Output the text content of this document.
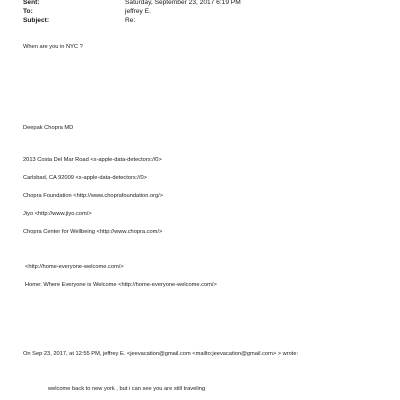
Sent:	Saturday, September 23, 2017 6:19 PM
To:	jeffrey E.
Subject:	Re:
When are you in NYC ?
Deepak Chopra MD
2013 Costa Del Mar Road <x-apple-data-detectors://0>
Carlsbad, CA 92009 <x-apple-data-detectors://0>
Chopra Foundation <http://www.choprafoundation.org/>
Jiyo <http://www.jiyo.com/>
Chopra Center for Wellbeing <http://www.chopra.com/>
<http://home-everyone-welcome.com/>
Home: Where Everyone is Welcome <http://home-everyone-welcome.com/>
On Sep 23, 2017, at 12:55 PM, jeffrey E. <jeevacation@gmail.com <mailto:jeevacation@gmail.com> > wrote:
welcome back to new york , but i can see you are still traveling
